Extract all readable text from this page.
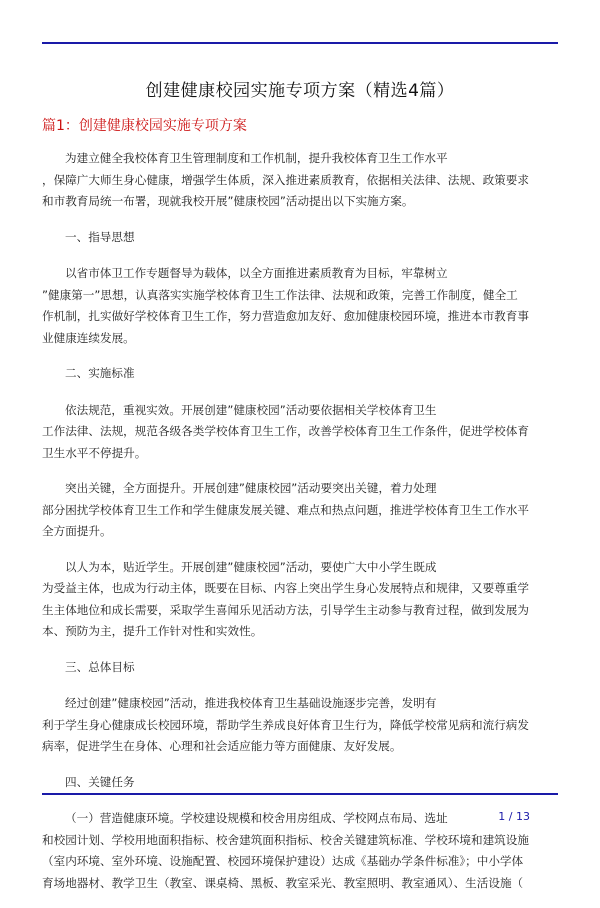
创建健康校园实施专项方案（精选4篇）
篇1：创建健康校园实施专项方案
为建立健全我校体育卫生管理制度和工作机制，提升我校体育卫生工作水平
，保障广大师生身心健康，增强学生体质，深入推进素质教育，依据相关法律、法规、政策要求
和市教育局统一布署，现就我校开展”健康校园”活动提出以下实施方案。
一、指导思想
以省市体卫工作专题督导为载体，以全方面推进素质教育为目标，牢靠树立
”健康第一”思想，认真落实实施学校体育卫生工作法律、法规和政策，完善工作制度，健全工
作机制，扎实做好学校体育卫生工作，努力营造愈加友好、愈加健康校园环境，推进本市教育事
业健康连续发展。
二、实施标准
依法规范，重视实效。开展创建”健康校园”活动要依据相关学校体育卫生
工作法律、法规，规范各级各类学校体育卫生工作，改善学校体育卫生工作条件，促进学校体育
卫生水平不停提升。
突出关键，全方面提升。开展创建”健康校园”活动要突出关键，着力处理
部分困扰学校体育卫生工作和学生健康发展关键、难点和热点问题，推进学校体育卫生工作水平
全方面提升。
以人为本，贴近学生。开展创建”健康校园”活动，要使广大中小学生既成
为受益主体，也成为行动主体，既要在目标、内容上突出学生身心发展特点和规律，又要尊重学
生主体地位和成长需要，采取学生喜闻乐见活动方法，引导学生主动参与教育过程，做到发展为
本、预防为主，提升工作针对性和实效性。
三、总体目标
经过创建”健康校园”活动，推进我校体育卫生基础设施逐步完善，发明有
利于学生身心健康成长校园环境，帮助学生养成良好体育卫生行为，降低学校常见病和流行病发
病率，促进学生在身体、心理和社会适应能力等方面健康、友好发展。
四、关键任务
（一）营造健康环境。学校建设规模和校舍用房组成、学校网点布局、选址
和校园计划、学校用地面积指标、校舍建筑面积指标、校舍关键建筑标准、学校环境和建筑设施
（室内环境、室外环境、设施配置、校园环境保护建设）达成《基础办学条件标准》；中小学体
育场地器材、教学卫生（教室、课桌椅、黑板、教室采光、教室照明、教室通风）、生活设施（
1 / 13
